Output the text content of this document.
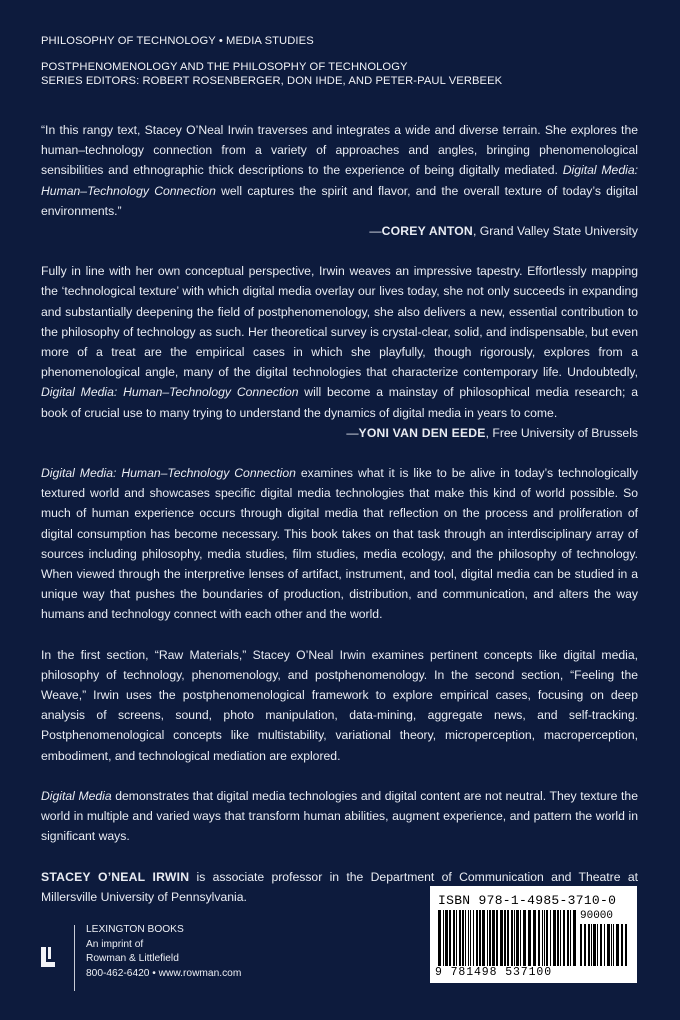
PHILOSOPHY OF TECHNOLOGY • MEDIA STUDIES
POSTPHENOMENOLOGY AND THE PHILOSOPHY OF TECHNOLOGY
SERIES EDITORS: ROBERT ROSENBERGER, DON IHDE, AND PETER-PAUL VERBEEK

“In this rangy text, Stacey O’Neal Irwin traverses and integrates a wide and diverse terrain. She explores the human–technology connection from a variety of approaches and angles, bringing phenomenological sensibilities and ethnographic thick descriptions to the experience of being digitally mediated. Digital Media: Human–Technology Connection well captures the spirit and flavor, and the overall texture of today’s digital environments.”

—COREY ANTON, Grand Valley State University

Fully in line with her own conceptual perspective, Irwin weaves an impressive tapestry. Effortlessly mapping the ‘technological texture’ with which digital media overlay our lives today, she not only succeeds in expanding and substantially deepening the field of postphenomenology, she also delivers a new, essential contribution to the philosophy of technology as such. Her theoretical survey is crystal-clear, solid, and indispensable, but even more of a treat are the empirical cases in which she playfully, though rigorously, explores from a phenomenological angle, many of the digital technologies that characterize contemporary life. Undoubtedly, Digital Media: Human–Technology Connection will become a mainstay of philosophical media research; a book of crucial use to many trying to understand the dynamics of digital media in years to come.

—YONI VAN DEN EEDE, Free University of Brussels

Digital Media: Human–Technology Connection examines what it is like to be alive in today’s technologically textured world and showcases specific digital media technologies that make this kind of world possible. So much of human experience occurs through digital media that reflection on the process and proliferation of digital consumption has become necessary. This book takes on that task through an interdisciplinary array of sources including philosophy, media studies, film studies, media ecology, and the philosophy of technology. When viewed through the interpretive lenses of artifact, instrument, and tool, digital media can be studied in a unique way that pushes the boundaries of production, distribution, and communication, and alters the way humans and technology connect with each other and the world.

In the first section, “Raw Materials,” Stacey O’Neal Irwin examines pertinent concepts like digital media, philosophy of technology, phenomenology, and postphenomenology. In the second section, “Feeling the Weave,” Irwin uses the postphenomenological framework to explore empirical cases, focusing on deep analysis of screens, sound, photo manipulation, data-mining, aggregate news, and self-tracking. Postphenomenological concepts like multistability, variational theory, microperception, macroperception, embodiment, and technological mediation are explored.

Digital Media demonstrates that digital media technologies and digital content are not neutral. They texture the world in multiple and varied ways that transform human abilities, augment experience, and pattern the world in significant ways.

STACEY O’NEAL IRWIN is associate professor in the Department of Communication and Theatre at Millersville University of Pennsylvania.

LEXINGTON BOOKS
An imprint of
Rowman & Littlefield
800-462-6420 • www.rowman.com
ISBN 978-1-4985-3710-0
90000
9 781498 537100
